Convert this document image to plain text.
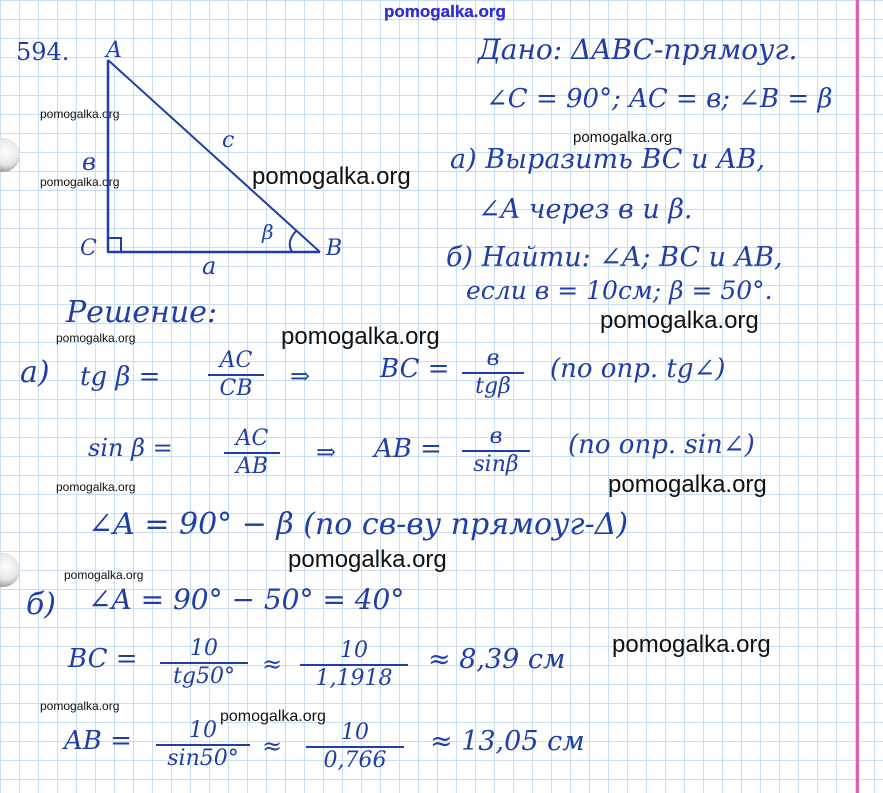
pomogalka.org
pomogalka.org
pomogalka.org
pomogalka.org
pomogalka.org
pomogalka.org
pomogalka.org	pomogalka.org
pomogalka.org	pomogalka.org
pomogalka.org
pomogalka.org
pomogalka.org
pomogalka.org
pomogalka.org
594. A
C	B
в
c
a
β
Дано: ΔABC-прямоуг.
∠C = 90°; AC = в; ∠B = β
а) Выразить BC и AB,
∠A через в и β.
б) Найти: ∠A; BC и AB,
если в = 10см; β = 50°.
Решение:
а) tg β =
AC
CB	⇒	BC =	в
tgβ
(по опр. tg∠)
sin β =	AC
AB
⇒ AB =	в
sinβ
(по опр. sin∠)
∠A = 90° − β (по св-ву прямоуг-Δ)
б) ∠A = 90° − 50° = 40°
BC =	10
tg50°	≈	10
1,1918
≈ 8,39 см
AB =	10
sin50° ≈	10
0,766
≈ 13,05 см
